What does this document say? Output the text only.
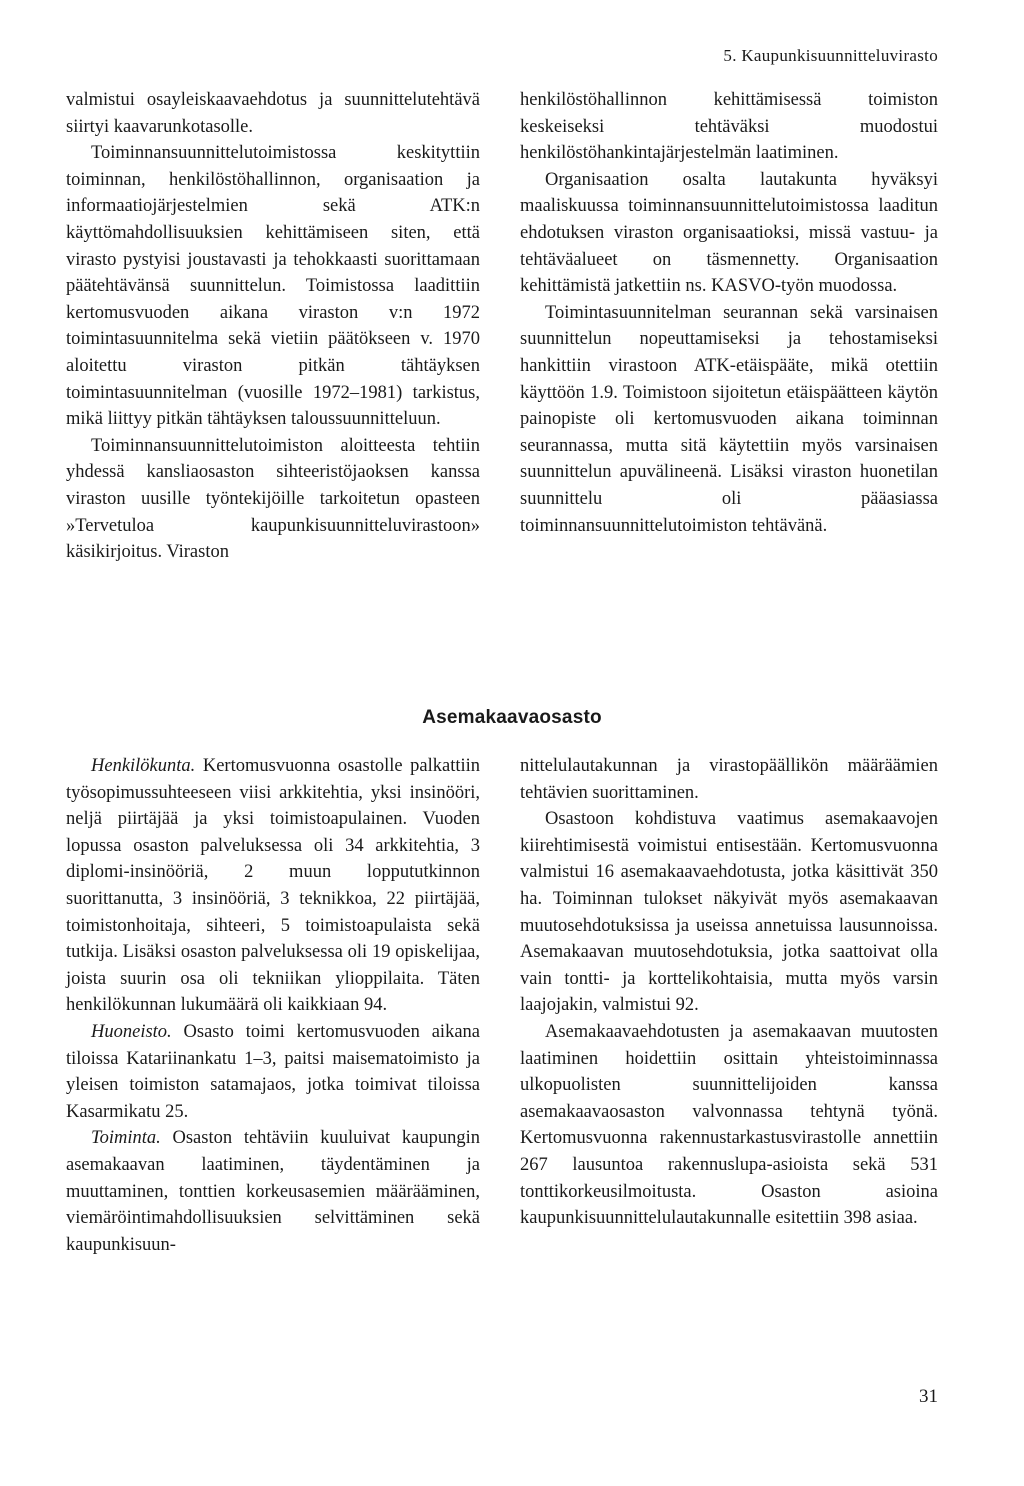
5. Kaupunkisuunnitteluvirasto

valmistui osayleiskaavaehdotus ja suunnittelutehtävä siirtyi kaavarunkotasolle.

Toiminnansuunnittelutoimistossa keskityttiin toiminnan, henkilöstöhallinnon, organisaation ja informaatiojärjestelmien sekä ATK:n käyttömahdollisuuksien kehittämiseen siten, että virasto pystyisi joustavasti ja tehokkaasti suorittamaan päätehtävänsä suunnittelun. Toimistossa laadittiin kertomusvuoden aikana viraston v:n 1972 toimintasuunnitelma sekä vietiin päätökseen v. 1970 aloitettu viraston pitkän tähtäyksen toimintasuunnitelman (vuosille 1972–1981) tarkistus, mikä liittyy pitkän tähtäyksen taloussuunnitteluun.

Toiminnansuunnittelutoimiston aloitteesta tehtiin yhdessä kansliaosaston sihteeristöjaoksen kanssa viraston uusille työntekijöille tarkoitetun opasteen »Tervetuloa kaupunkisuunnitteluvirastoon» käsikirjoitus. Viraston

henkilöstöhallinnon kehittämisessä toimiston keskeiseksi tehtäväksi muodostui henkilöstöhankintajärjestelmän laatiminen.

Organisaation osalta lautakunta hyväksyi maaliskuussa toiminnansuunnittelutoimistossa laaditun ehdotuksen viraston organisaatioksi, missä vastuu- ja tehtäväalueet on täsmennetty. Organisaation kehittämistä jatkettiin ns. KASVO-työn muodossa.

Toimintasuunnitelman seurannan sekä varsinaisen suunnittelun nopeuttamiseksi ja tehostamiseksi hankittiin virastoon ATK-etäispääte, mikä otettiin käyttöön 1.9. Toimistoon sijoitetun etäispäätteen käytön painopiste oli kertomusvuoden aikana toiminnan seurannassa, mutta sitä käytettiin myös varsinaisen suunnittelun apuvälineenä. Lisäksi viraston huonetilan suunnittelu oli pääasiassa toiminnansuunnittelutoimiston tehtävänä.

Asemakaavaosasto

Henkilökunta. Kertomusvuonna osastolle palkattiin työsopimussuhteeseen viisi arkkitehtia, yksi insinööri, neljä piirtäjää ja yksi toimistoapulainen. Vuoden lopussa osaston palveluksessa oli 34 arkkitehtia, 3 diplomi-insinööriä, 2 muun loppututkinnon suorittanutta, 3 insinööriä, 3 teknikkoa, 22 piirtäjää, toimistonhoitaja, sihteeri, 5 toimistoapulaista sekä tutkija. Lisäksi osaston palveluksessa oli 19 opiskelijaa, joista suurin osa oli tekniikan ylioppilaita. Täten henkilökunnan lukumäärä oli kaikkiaan 94.

Huoneisto. Osasto toimi kertomusvuoden aikana tiloissa Katariinankatu 1–3, paitsi maisematoimisto ja yleisen toimiston satamajaos, jotka toimivat tiloissa Kasarmikatu 25.

Toiminta. Osaston tehtäviin kuuluivat kaupungin asemakaavan laatiminen, täydentäminen ja muuttaminen, tonttien korkeusasemien määrääminen, viemäröintimahdollisuuksien selvittäminen sekä kaupunkisuun-

nittelulautakunnan ja virastopäällikön määräämien tehtävien suorittaminen.

Osastoon kohdistuva vaatimus asemakaavojen kiirehtimisestä voimistui entisestään. Kertomusvuonna valmistui 16 asemakaavaehdotusta, jotka käsittivät 350 ha. Toiminnan tulokset näkyivät myös asemakaavan muutosehdotuksissa ja useissa annetuissa lausunnoissa. Asemakaavan muutosehdotuksia, jotka saattoivat olla vain tontti- ja korttelikohtaisia, mutta myös varsin laajojakin, valmistui 92.

Asemakaavaehdotusten ja asemakaavan muutosten laatiminen hoidettiin osittain yhteistoiminnassa ulkopuolisten suunnittelijoiden kanssa asemakaavaosaston valvonnassa tehtynä työnä. Kertomusvuonna rakennustarkastusvirastolle annettiin 267 lausuntoa rakennuslupa-asioista sekä 531 tonttikorkeusilmoitusta. Osaston asioina kaupunkisuunnittelulautakunnalle esitettiin 398 asiaa.

31
